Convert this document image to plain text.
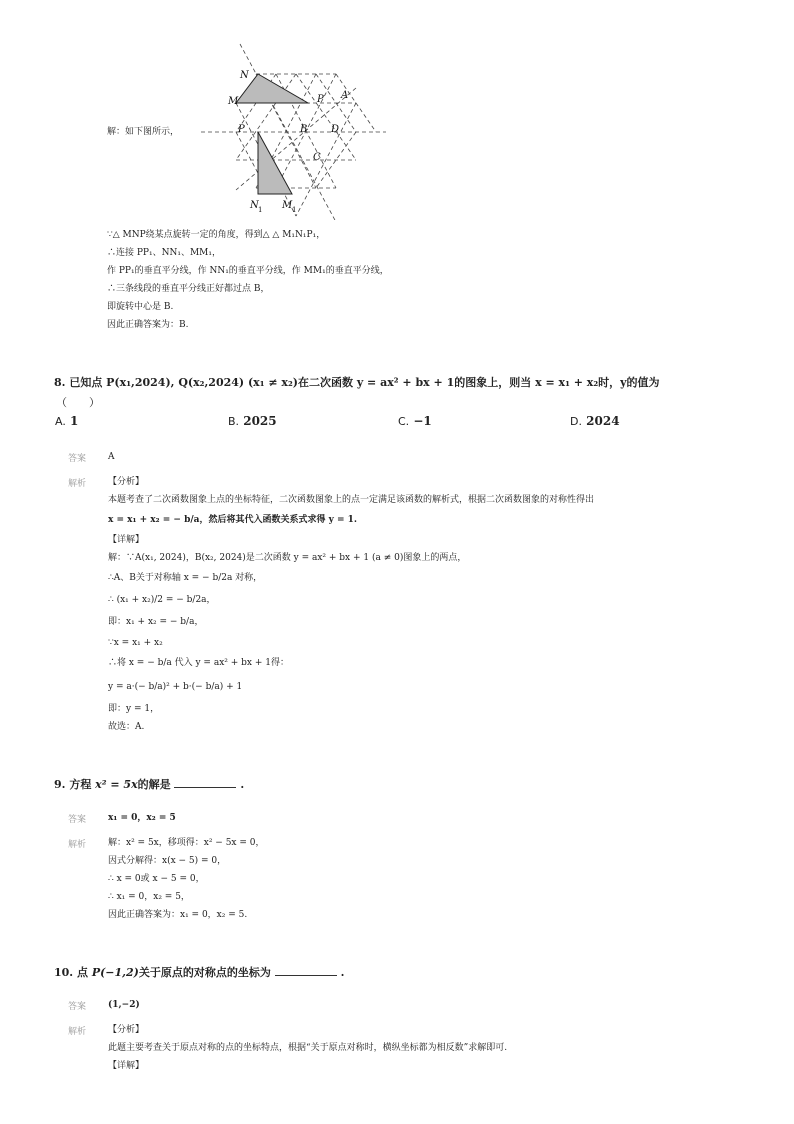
解：如下图所示，
N
M	P A
P	B D
C
N 1 M 1
∵△ MNP绕某点旋转一定的角度，得到△ △ M₁N₁P₁，
∴连接 PP₁、NN₁、MM₁，
作 PP₁的垂直平分线，作 NN₁的垂直平分线，作 MM₁的垂直平分线，
∴三条线段的垂直平分线正好都过点 B，
即旋转中心是 B.
因此正确答案为：B.
8. 已知点 P(x₁,2024), Q(x₂,2024) (x₁ ≠ x₂)在二次函数 y = ax² + bx + 1的图象上，则当 x = x₁ + x₂时，y的值为
（　　）
A. 1	B. 2025	C. −1	D. 2024
答案 A
解析 【分析】
本题考查了二次函数图象上点的坐标特征，二次函数图象上的点一定满足该函数的解析式，根据二次函数图象的对称性得出
x = x₁ + x₂ = − b/a，然后将其代入函数关系式求得 y = 1.
【详解】
解：∵A(x₁, 2024)，B(x₂, 2024)是二次函数 y = ax² + bx + 1 (a ≠ 0)图象上的两点，
∴A、B关于对称轴 x = − b/2a 对称，
∴ (x₁ + x₂)/2 = − b/2a，
即：x₁ + x₂ = − b/a，
∵x = x₁ + x₂
∴将 x = − b/a 代入 y = ax² + bx + 1得：
y = a·(− b/a)² + b·(− b/a) + 1
即：y = 1，
故选：A.
9. 方程 x² = 5x的解是	.
答案 x₁ = 0，x₂ = 5
解析 解：x² = 5x，移项得：x² − 5x = 0，
因式分解得：x(x − 5) = 0，
∴ x = 0或 x − 5 = 0，
∴ x₁ = 0，x₂ = 5，
因此正确答案为：x₁ = 0，x₂ = 5.
10. 点 P(−1,2)关于原点的对称点的坐标为	.
答案 (1,−2)
解析 【分析】
此题主要考查关于原点对称的点的坐标特点，根据“关于原点对称时，横纵坐标都为相反数”求解即可.
【详解】
